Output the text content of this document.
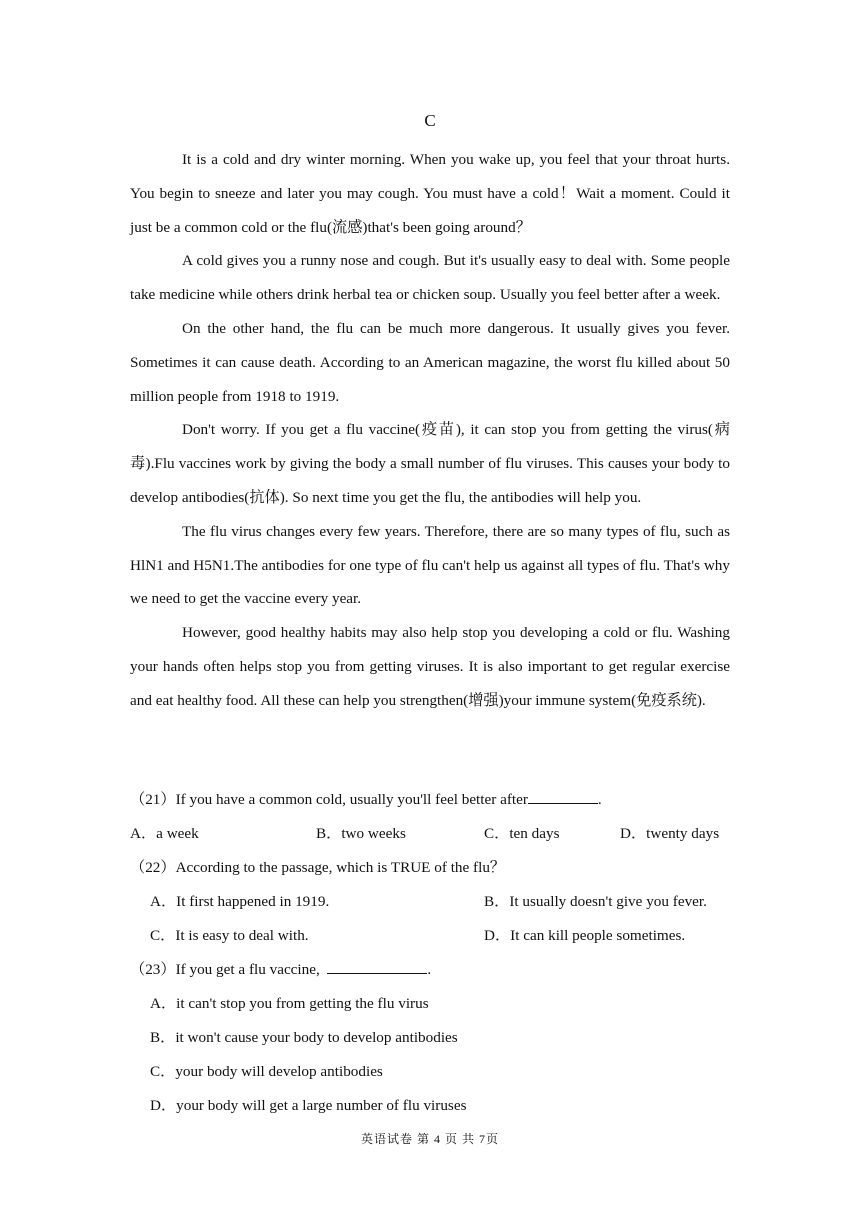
C

It is a cold and dry winter morning. When you wake up, you feel that your throat hurts. You begin to sneeze and later you may cough. You must have a cold！Wait a moment. Could it just be a common cold or the flu(流感)that's been going around？

A cold gives you a runny nose and cough. But it's usually easy to deal with. Some people take medicine while others drink herbal tea or chicken soup. Usually you feel better after a week.

On the other hand, the flu can be much more dangerous. It usually gives you fever. Sometimes it can cause death. According to an American magazine, the worst flu killed about 50 million people from 1918 to 1919.

Don't worry. If you get a flu vaccine(疫苗), it can stop you from getting the virus(病毒).Flu vaccines work by giving the body a small number of flu viruses. This causes your body to develop antibodies(抗体). So next time you get the flu, the antibodies will help you.

The flu virus changes every few years. Therefore, there are so many types of flu, such as HlN1 and H5N1.The antibodies for one type of flu can't help us against all types of flu. That's why we need to get the vaccine every year.

However, good healthy habits may also help stop you developing a cold or flu. Washing your hands often helps stop you from getting viruses. It is also important to get regular exercise and eat healthy food. All these can help you strengthen(增强)your immune system(免疫系统).

（21）If you have a common cold, usually you'll feel better after	.
A．a week	B．two weeks	C．ten days	D．twenty days
（22）According to the passage, which is TRUE of the flu？
A．It first happened in 1919.	B．It usually doesn't give you fever.
C．It is easy to deal with.	D．It can kill people sometimes.
（23）If you get a flu vaccine,	.
A．it can't stop you from getting the flu virus
B．it won't cause your body to develop antibodies
C．your body will develop antibodies
D．your body will get a large number of flu viruses
英语试卷 第 4 页 共 7页
